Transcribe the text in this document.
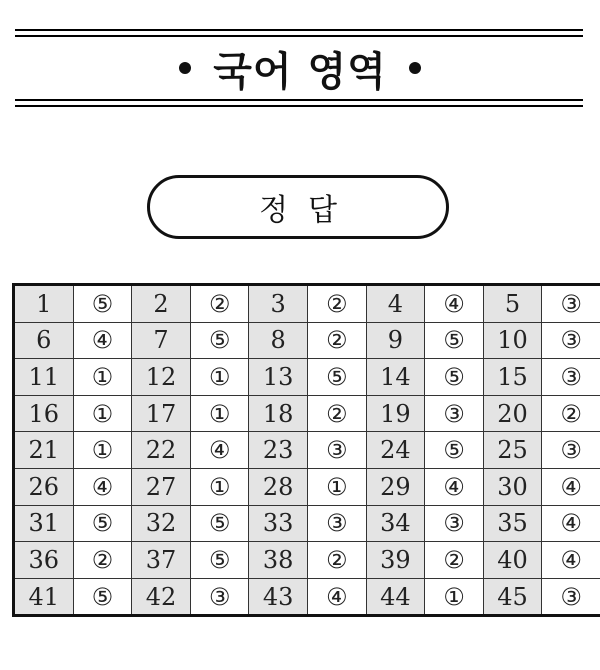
국어 영역
정 답
1	⑤	2	②	3	②	4	④	5	③
6	④	7	⑤	8	②	9	⑤	10	③
11	①	12	①	13	⑤	14	⑤	15	③
16	①	17	①	18	②	19	③	20	②
21	①	22	④	23	③	24	⑤	25	③
26	④	27	①	28	①	29	④	30	④
31	⑤	32	⑤	33	③	34	③	35	④
36	②	37	⑤	38	②	39	②	40	④
41	⑤	42	③	43	④	44	①	45	③
